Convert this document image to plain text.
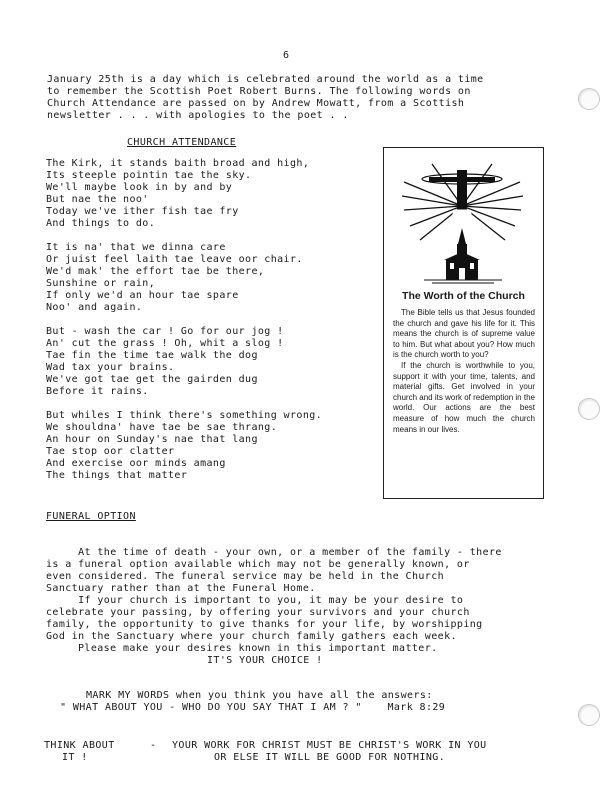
6
January 25th is a day which is celebrated around the world as a time
to remember the Scottish Poet Robert Burns. The following words on
Church Attendance are passed on by Andrew Mowatt, from a Scottish
newsletter . . . with apologies to the poet . .
CHURCH ATTENDANCE
The Kirk, it stands baith broad and high,
Its steeple pointin tae the sky.
We'll maybe look in by and by
But nae the noo'
Today we've ither fish tae fry
And things to do.
It is na' that we dinna care
Or juist feel laith tae leave oor chair.
We'd mak' the effort tae be there,
Sunshine or rain,
If only we'd an hour tae spare
Noo' and again.
But - wash the car ! Go for our jog !
An' cut the grass ! Oh, whit a slog !
Tae fin the time tae walk the dog
Wad tax your brains.
We've got tae get the gairden dug
Before it rains.
But whiles I think there's something wrong.
We shouldna' have tae be sae thrang.
An hour on Sunday's nae that lang
Tae stop oor clatter
And exercise oor minds amang
The things that matter
The Worth of the Church

The Bible tells us that Jesus founded the church and gave his life for it. This means the church is of supreme value to him. But what about you? How much is the church worth to you?

If the church is worthwhile to you, support it with your time, talents, and material gifts. Get involved in your church and its work of redemption in the world. Our actions are the best measure of how much the church means in our lives.

FUNERAL OPTION
At the time of death - your own, or a member of the family - there
is a funeral option available which may not be generally known, or
even considered. The funeral service may be held in the Church
Sanctuary rather than at the Funeral Home.
If your church is important to you, it may be your desire to
celebrate your passing, by offering your survivors and your church
family, the opportunity to give thanks for your life, by worshipping
God in the Sanctuary where your church family gathers each week.
Please make your desires known in this important matter.
IT'S YOUR CHOICE !
MARK MY WORDS when you think you have all the answers:
" WHAT ABOUT YOU - WHO DO YOU SAY THAT I AM ? "    Mark 8:29
THINK ABOUT
IT !
- YOUR WORK FOR CHRIST MUST BE CHRIST'S WORK IN YOU
OR ELSE IT WILL BE GOOD FOR NOTHING.
